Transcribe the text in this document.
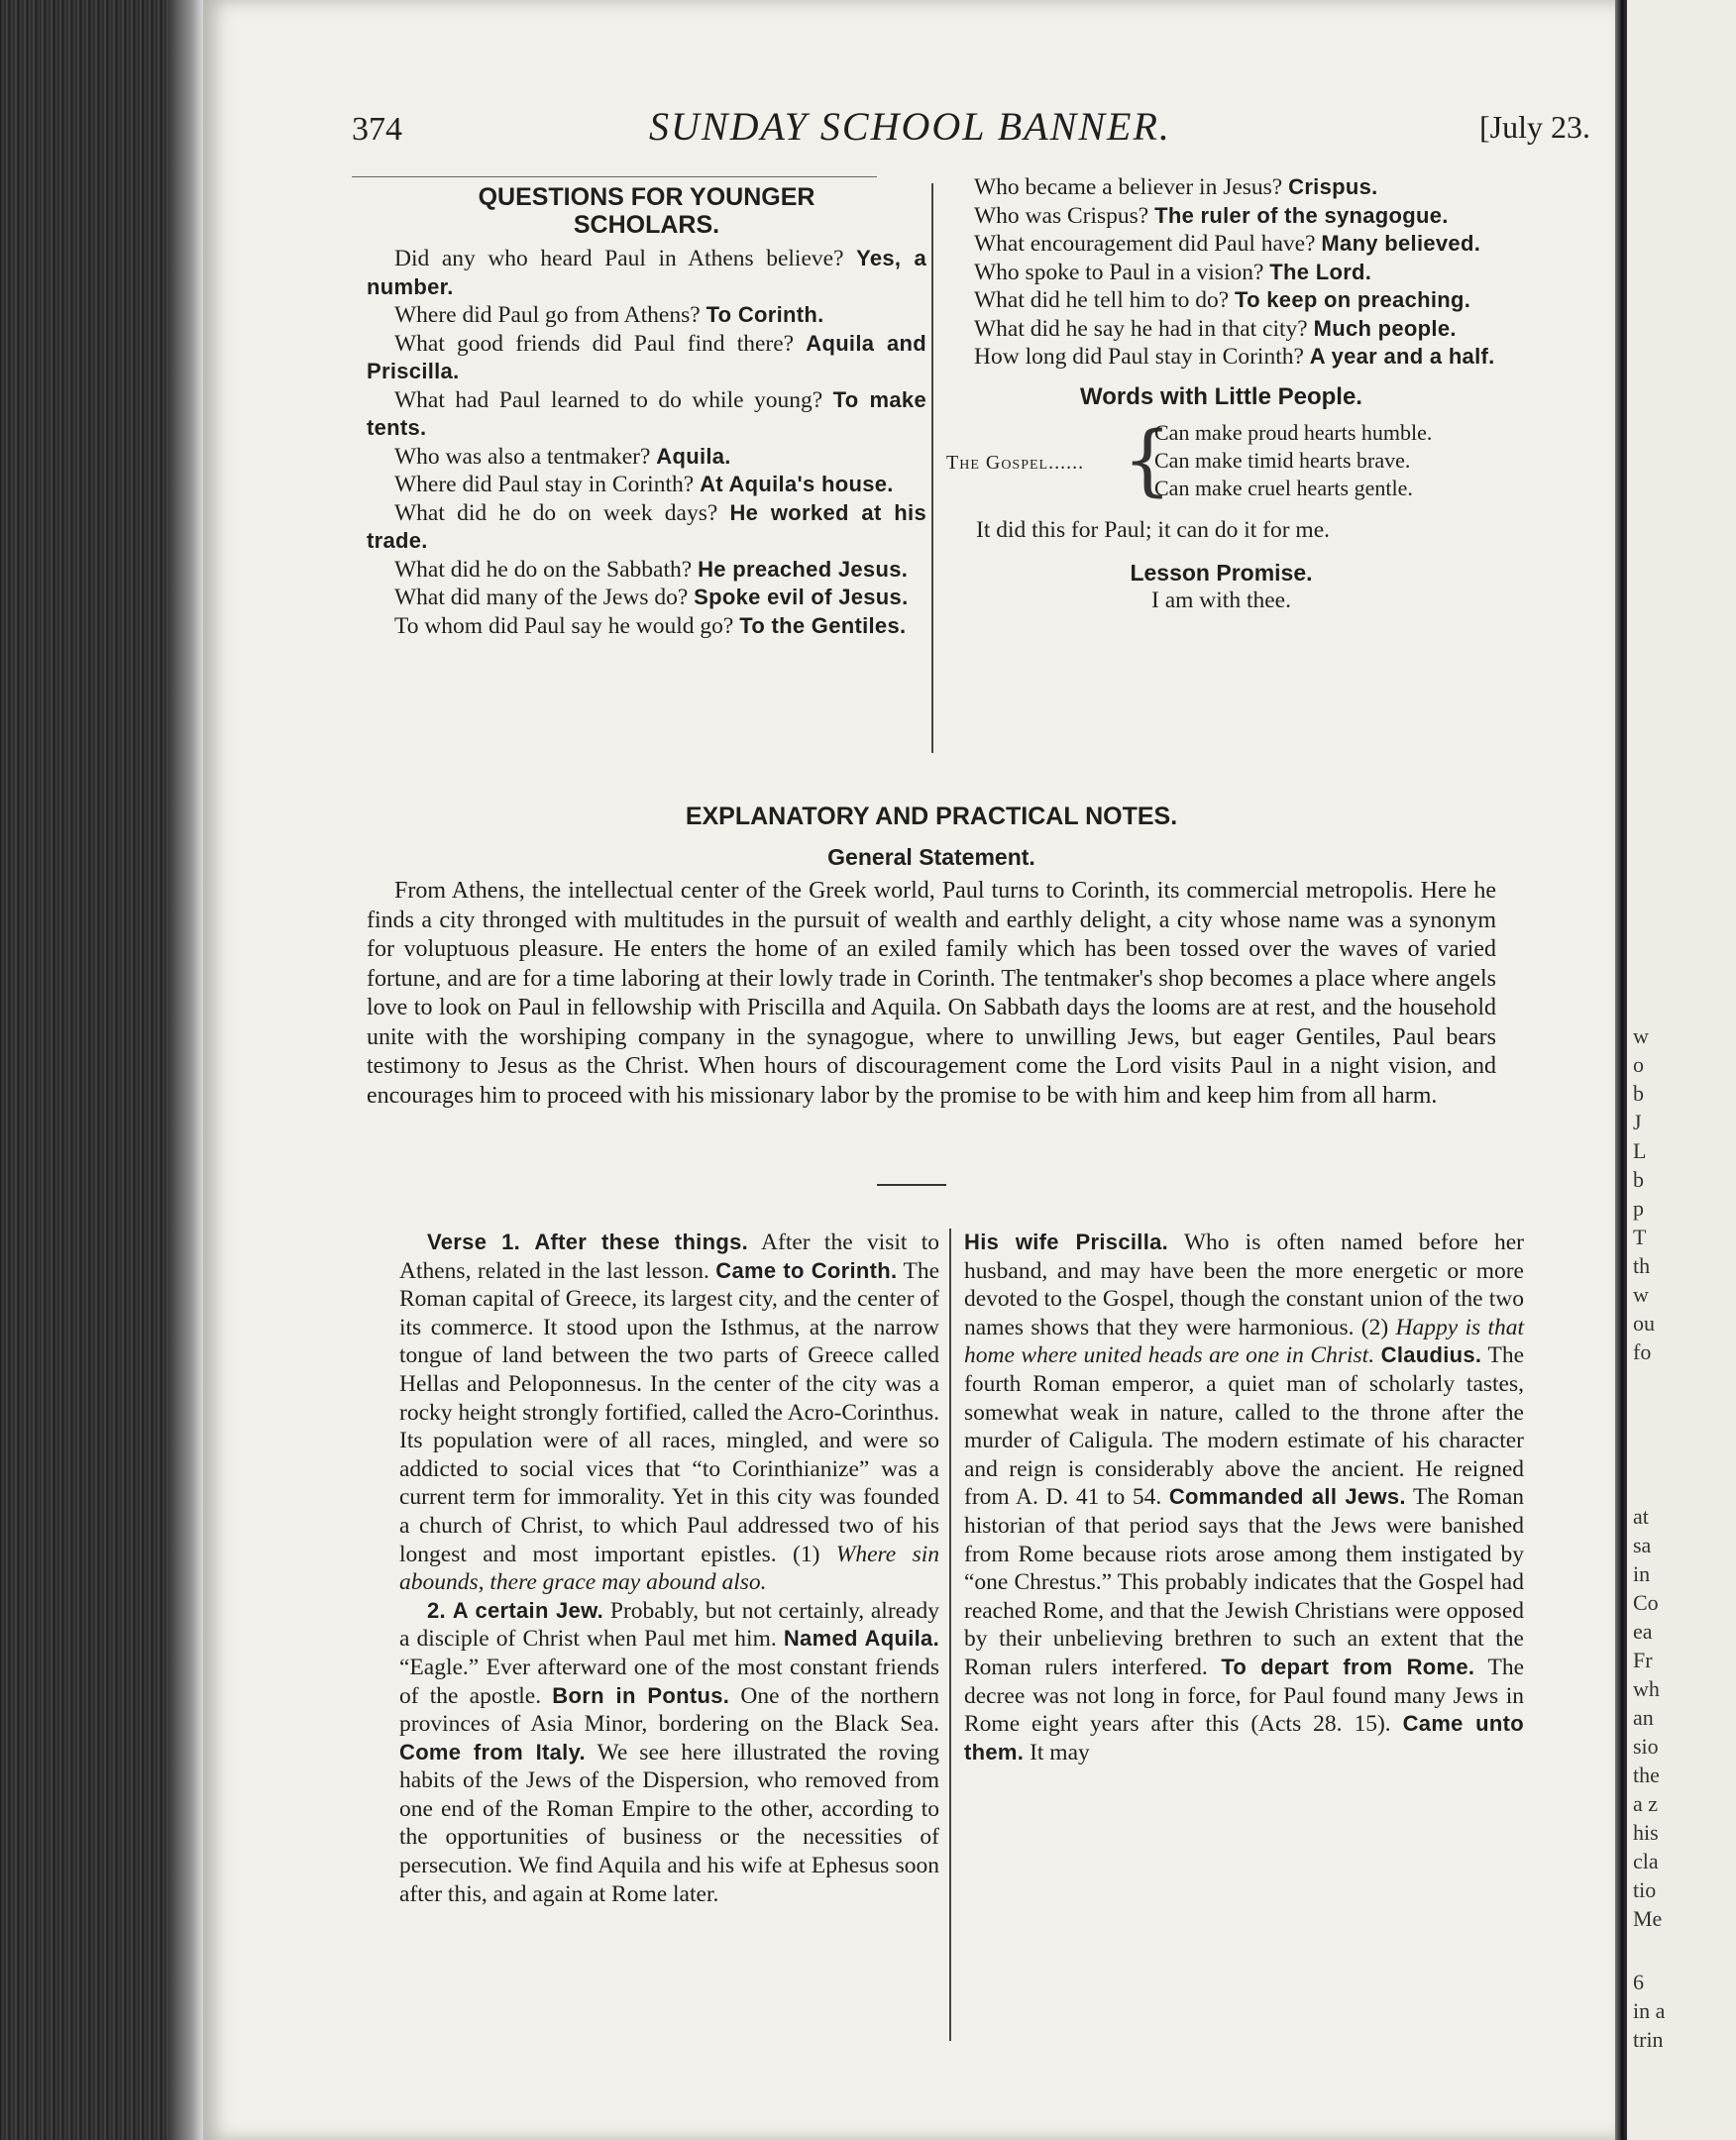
374	SUNDAY SCHOOL BANNER.	[July 23.
QUESTIONS FOR YOUNGER SCHOLARS.

Did any who heard Paul in Athens believe? Yes, a number.

Where did Paul go from Athens? To Corinth.

What good friends did Paul find there? Aquila and Priscilla.

What had Paul learned to do while young? To make tents.

Who was also a tentmaker? Aquila.

Where did Paul stay in Corinth? At Aquila's house.

What did he do on week days? He worked at his trade.

What did he do on the Sabbath? He preached Jesus.

What did many of the Jews do? Spoke evil of Jesus.

To whom did Paul say he would go? To the Gentiles.

Who became a believer in Jesus? Crispus.

Who was Crispus? The ruler of the synagogue.

What encouragement did Paul have? Many believed.

Who spoke to Paul in a vision? The Lord.

What did he tell him to do? To keep on preaching.

What did he say he had in that city? Much people.

How long did Paul stay in Corinth? A year and a half.

Words with Little People.
The Gospel...... {
Can make proud hearts humble.
Can make timid hearts brave.
Can make cruel hearts gentle.

It did this for Paul; it can do it for me.

Lesson Promise.

I am with thee.

EXPLANATORY AND PRACTICAL NOTES.
General Statement.

From Athens, the intellectual center of the Greek world, Paul turns to Corinth, its commercial metropolis. Here he finds a city thronged with multitudes in the pursuit of wealth and earthly delight, a city whose name was a synonym for voluptuous pleasure. He enters the home of an exiled family which has been tossed over the waves of varied fortune, and are for a time laboring at their lowly trade in Corinth. The tentmaker's shop becomes a place where angels love to look on Paul in fellowship with Priscilla and Aquila. On Sabbath days the looms are at rest, and the household unite with the worshiping company in the synagogue, where to unwilling Jews, but eager Gentiles, Paul bears testimony to Jesus as the Christ. When hours of discouragement come the Lord visits Paul in a night vision, and encourages him to proceed with his missionary labor by the promise to be with him and keep him from all harm.

Verse 1. After these things. After the visit to Athens, related in the last lesson. Came to Corinth. The Roman capital of Greece, its largest city, and the center of its commerce. It stood upon the Isthmus, at the narrow tongue of land between the two parts of Greece called Hellas and Peloponnesus. In the center of the city was a rocky height strongly fortified, called the Acro-Corinthus. Its population were of all races, mingled, and were so addicted to social vices that “to Corinthianize” was a current term for immorality. Yet in this city was founded a church of Christ, to which Paul addressed two of his longest and most important epistles. (1) Where sin abounds, there grace may abound also.

2. A certain Jew. Probably, but not certainly, already a disciple of Christ when Paul met him. Named Aquila. “Eagle.” Ever afterward one of the most constant friends of the apostle. Born in Pontus. One of the northern provinces of Asia Minor, bordering on the Black Sea. Come from Italy. We see here illustrated the roving habits of the Jews of the Dispersion, who removed from one end of the Roman Empire to the other, according to the opportunities of business or the necessities of persecution. We find Aquila and his wife at Ephesus soon after this, and again at Rome later.

His wife Priscilla. Who is often named before her husband, and may have been the more energetic or more devoted to the Gospel, though the constant union of the two names shows that they were harmonious. (2) Happy is that home where united heads are one in Christ. Claudius. The fourth Roman emperor, a quiet man of scholarly tastes, somewhat weak in nature, called to the throne after the murder of Caligula. The modern estimate of his character and reign is considerably above the ancient. He reigned from A. D. 41 to 54. Commanded all Jews. The Roman historian of that period says that the Jews were banished from Rome because riots arose among them instigated by “one Chrestus.” This probably indicates that the Gospel had reached Rome, and that the Jewish Christians were opposed by their unbelieving brethren to such an extent that the Roman rulers interfered. To depart from Rome. The decree was not long in force, for Paul found many Jews in Rome eight years after this (Acts 28. 15). Came unto them. It may

w
o
b
J
L
b
p
T
th
w
ou
fo
at
sa
in
Co
ea
Fr
wh
an
sio
the
a z
his
cla
tio
Me
6
in a
trin
